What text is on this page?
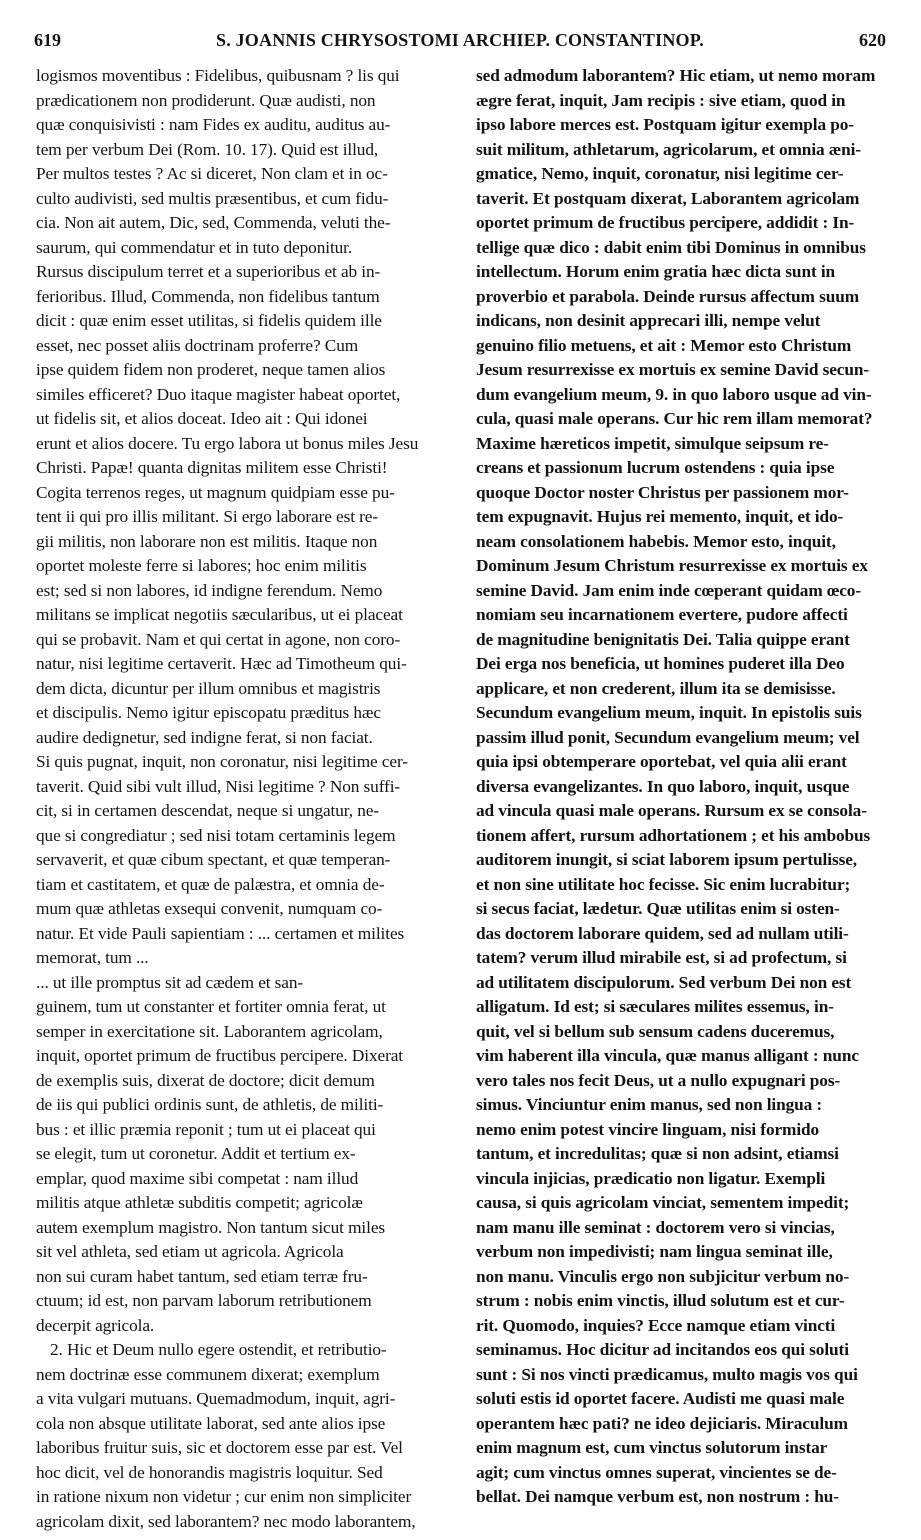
619	S. JOANNIS CHRYSOSTOMI ARCHIEP. CONSTANTINOP.	620
logismos moventibus : Fidelibus, quibusnam ? lis qui
prædicationem non prodiderunt. Quæ audisti, non
quæ conquisivisti : nam Fides ex auditu, auditus au-
tem per verbum Dei (Rom. 10. 17). Quid est illud,
Per multos testes ? Ac si diceret, Non clam et in oc-
culto audivisti, sed multis præsentibus, et cum fidu-
cia. Non ait autem, Dic, sed, Commenda, veluti the-
saurum, qui commendatur et in tuto deponitur.
Rursus discipulum terret et a superioribus et ab in-
ferioribus. Illud, Commenda, non fidelibus tantum
dicit : quæ enim esset utilitas, si fidelis quidem ille
esset, nec posset aliis doctrinam proferre? Cum
ipse quidem fidem non proderet, neque tamen alios
similes efficeret? Duo itaque magister habeat oportet,
ut fidelis sit, et alios doceat. Ideo ait : Qui idonei
erunt et alios docere. Tu ergo labora ut bonus miles Jesu
Christi. Papæ! quanta dignitas militem esse Christi!
Cogita terrenos reges, ut magnum quidpiam esse pu-
tent ii qui pro illis militant. Si ergo laborare est re-
gii militis, non laborare non est militis. Itaque non
oportet moleste ferre si labores; hoc enim militis
est; sed si non labores, id indigne ferendum. Nemo
militans se implicat negotiis sæcularibus, ut ei placeat
qui se probavit. Nam et qui certat in agone, non coro-
natur, nisi legitime certaverit. Hæc ad Timotheum qui-
dem dicta, dicuntur per illum omnibus et magistris
et discipulis. Nemo igitur episcopatu præditus hæc
audire dedignetur, sed indigne ferat, si non faciat.
Si quis pugnat, inquit, non coronatur, nisi legitime cer-
taverit. Quid sibi vult illud, Nisi legitime ? Non suffi-
cit, si in certamen descendat, neque si ungatur, ne-
que si congrediatur ; sed nisi totam certaminis legem
servaverit, et quæ cibum spectant, et quæ temperan-
tiam et castitatem, et quæ de palæstra, et omnia de-
mum quæ athletas exsequi convenit, numquam co-
natur. Et vide Pauli sapientiam : ... certamen et milites
memorat, tum ...
... ut ille promptus sit ad cædem et san-
guinem, tum ut constanter et fortiter omnia ferat, ut
semper in exercitatione sit. Laborantem agricolam,
inquit, oportet primum de fructibus percipere. Dixerat
de exemplis suis, dixerat de doctore; dicit demum
de iis qui publici ordinis sunt, de athletis, de militi-
bus : et illic præmia reponit ; tum ut ei placeat qui
se elegit, tum ut coronetur. Addit et tertium ex-
emplar, quod maxime sibi competat : nam illud
militis atque athletæ subditis competit; agricolæ
autem exemplum magistro. Non tantum sicut miles
sit vel athleta, sed etiam ut agricola. Agricola
non sui curam habet tantum, sed etiam terræ fru-
ctuum; id est, non parvam laborum retributionem
decerpit agricola.
2. Hic et Deum nullo egere ostendit, et retributio-
nem doctrinæ esse communem dixerat; exemplum
a vita vulgari mutuans. Quemadmodum, inquit, agri-
cola non absque utilitate laborat, sed ante alios ipse
laboribus fruitur suis, sic et doctorem esse par est. Vel
hoc dicit, vel de honorandis magistris loquitur. Sed
in ratione nixum non videtur ; cur enim non simpliciter
agricolam dixit, sed laborantem? nec modo laborantem,
sed admodum laborantem? Hic etiam, ut nemo moram
ægre ferat, inquit, Jam recipis : sive etiam, quod in
ipso labore merces est. Postquam igitur exempla po-
suit militum, athletarum, agricolarum, et omnia æni-
gmatice, Nemo, inquit, coronatur, nisi legitime cer-
taverit. Et postquam dixerat, Laborantem agricolam
oportet primum de fructibus percipere, addidit : In-
tellige quæ dico : dabit enim tibi Dominus in omnibus
intellectum. Horum enim gratia hæc dicta sunt in
proverbio et parabola. Deinde rursus affectum suum
indicans, non desinit apprecari illi, nempe velut
genuino filio metuens, et ait : Memor esto Christum
Jesum resurrexisse ex mortuis ex semine David secun-
dum evangelium meum, 9. in quo laboro usque ad vin-
cula, quasi male operans. Cur hic rem illam memorat?
Maxime hæreticos impetit, simulque seipsum re-
creans et passionum lucrum ostendens : quia ipse
quoque Doctor noster Christus per passionem mor-
tem expugnavit. Hujus rei memento, inquit, et ido-
neam consolationem habebis. Memor esto, inquit,
Dominum Jesum Christum resurrexisse ex mortuis ex
semine David. Jam enim inde cœperant quidam œco-
nomiam seu incarnationem evertere, pudore affecti
de magnitudine benignitatis Dei. Talia quippe erant
Dei erga nos beneficia, ut homines puderet illa Deo
applicare, et non crederent, illum ita se demisisse.
Secundum evangelium meum, inquit. In epistolis suis
passim illud ponit, Secundum evangelium meum; vel
quia ipsi obtemperare oportebat, vel quia alii erant
diversa evangelizantes. In quo laboro, inquit, usque
ad vincula quasi male operans. Rursum ex se consola-
tionem affert, rursum adhortationem ; et his ambobus
auditorem inungit, si sciat laborem ipsum pertulisse,
et non sine utilitate hoc fecisse. Sic enim lucrabitur;
si secus faciat, lædetur. Quæ utilitas enim si osten-
das doctorem laborare quidem, sed ad nullam utili-
tatem? verum illud mirabile est, si ad profectum, si
ad utilitatem discipulorum. Sed verbum Dei non est
alligatum. Id est; si sæculares milites essemus, in-
quit, vel si bellum sub sensum cadens duceremus,
vim haberent illa vincula, quæ manus alligant : nunc
vero tales nos fecit Deus, ut a nullo expugnari pos-
simus. Vinciuntur enim manus, sed non lingua :
nemo enim potest vincire linguam, nisi formido
tantum, et incredulitas; quæ si non adsint, etiamsi
vincula injicias, prædicatio non ligatur. Exempli
causa, si quis agricolam vinciat, sementem impedit;
nam manu ille seminat : doctorem vero si vincias,
verbum non impedivisti; nam lingua seminat ille,
non manu. Vinculis ergo non subjicitur verbum no-
strum : nobis enim vinctis, illud solutum est et cur-
rit. Quomodo, inquies? Ecce namque etiam vincti
seminamus. Hoc dicitur ad incitandos eos qui soluti
sunt : Si nos vincti prædicamus, multo magis vos qui
soluti estis id oportet facere. Audisti me quasi male
operantem hæc pati? ne ideo dejiciaris. Miraculum
enim magnum est, cum vinctus solutorum instar
agit; cum vinctus omnes superat, vincientes se de-
bellat. Dei namque verbum est, non nostrum : hu-
